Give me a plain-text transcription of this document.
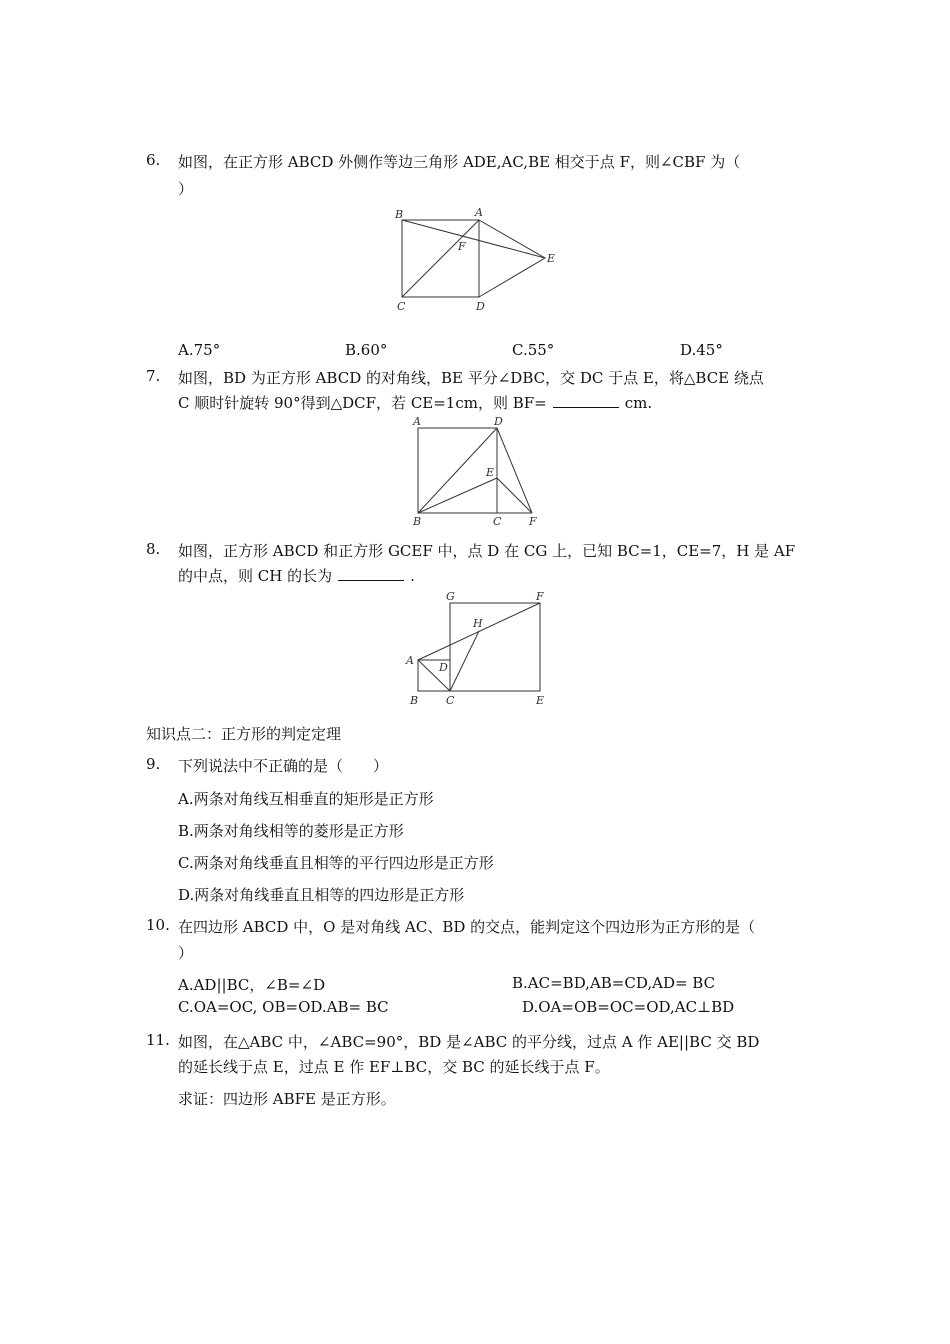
6. 如图，在正方形 ABCD 外侧作等边三角形 ADE,AC,BE 相交于点 F，则∠CBF 为（
）
B	A
F
E
C	D
A.75°	B.60°	C.55°	D.45°
7. 如图，BD 为正方形 ABCD 的对角线，BE 平分∠DBC，交 DC 于点 E，将△BCE 绕点
C 顺时针旋转 90°得到△DCF，若 CE=1cm，则 BF=	cm.
A	D
E
B	C	F
8. 如图，正方形 ABCD 和正方形 GCEF 中，点 D 在 CG 上，已知 BC=1，CE=7，H 是 AF
的中点，则 CH 的长为	.
G	F
H
A
D
B	C	E
知识点二：正方形的判定定理
9. 下列说法中不正确的是（　　）
A.两条对角线互相垂直的矩形是正方形
B.两条对角线相等的菱形是正方形
C.两条对角线垂直且相等的平行四边形是正方形
D.两条对角线垂直且相等的四边形是正方形
10. 在四边形 ABCD 中，O 是对角线 AC、BD 的交点，能判定这个四边形为正方形的是（
）
A.AD||BC，∠B=∠D	B.AC=BD,AB=CD,AD= BC
C.OA=OC, OB=OD.AB= BC	D.OA=OB=OC=OD,AC⊥BD
11. 如图，在△ABC 中，∠ABC=90°，BD 是∠ABC 的平分线，过点 A 作 AE||BC 交 BD
的延长线于点 E，过点 E 作 EF⊥BC，交 BC 的延长线于点 F。
求证：四边形 ABFE 是正方形。
